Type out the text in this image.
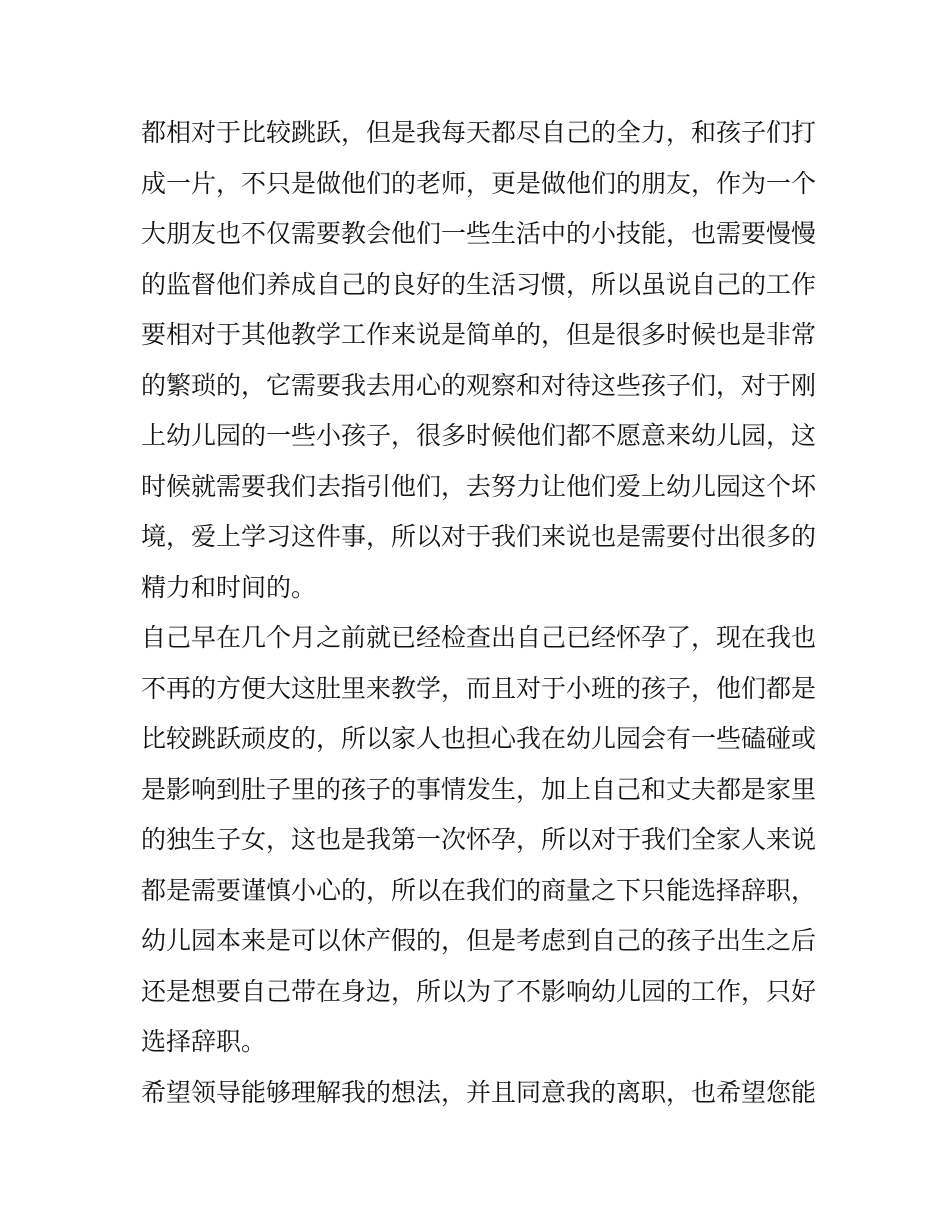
都相对于比较跳跃，但是我每天都尽自己的全力，和孩子们打
成一片，不只是做他们的老师，更是做他们的朋友，作为一个
大朋友也不仅需要教会他们一些生活中的小技能，也需要慢慢
的监督他们养成自己的良好的生活习惯，所以虽说自己的工作
要相对于其他教学工作来说是简单的，但是很多时候也是非常
的繁琐的，它需要我去用心的观察和对待这些孩子们，对于刚
上幼儿园的一些小孩子，很多时候他们都不愿意来幼儿园，这
时候就需要我们去指引他们，去努力让他们爱上幼儿园这个坏
境，爱上学习这件事，所以对于我们来说也是需要付出很多的
精力和时间的。
自己早在几个月之前就已经检查出自己已经怀孕了，现在我也
不再的方便大这肚里来教学，而且对于小班的孩子，他们都是
比较跳跃顽皮的，所以家人也担心我在幼儿园会有一些磕碰或
是影响到肚子里的孩子的事情发生，加上自己和丈夫都是家里
的独生子女，这也是我第一次怀孕，所以对于我们全家人来说
都是需要谨慎小心的，所以在我们的商量之下只能选择辞职，
幼儿园本来是可以休产假的，但是考虑到自己的孩子出生之后
还是想要自己带在身边，所以为了不影响幼儿园的工作，只好
选择辞职。
希望领导能够理解我的想法，并且同意我的离职，也希望您能
